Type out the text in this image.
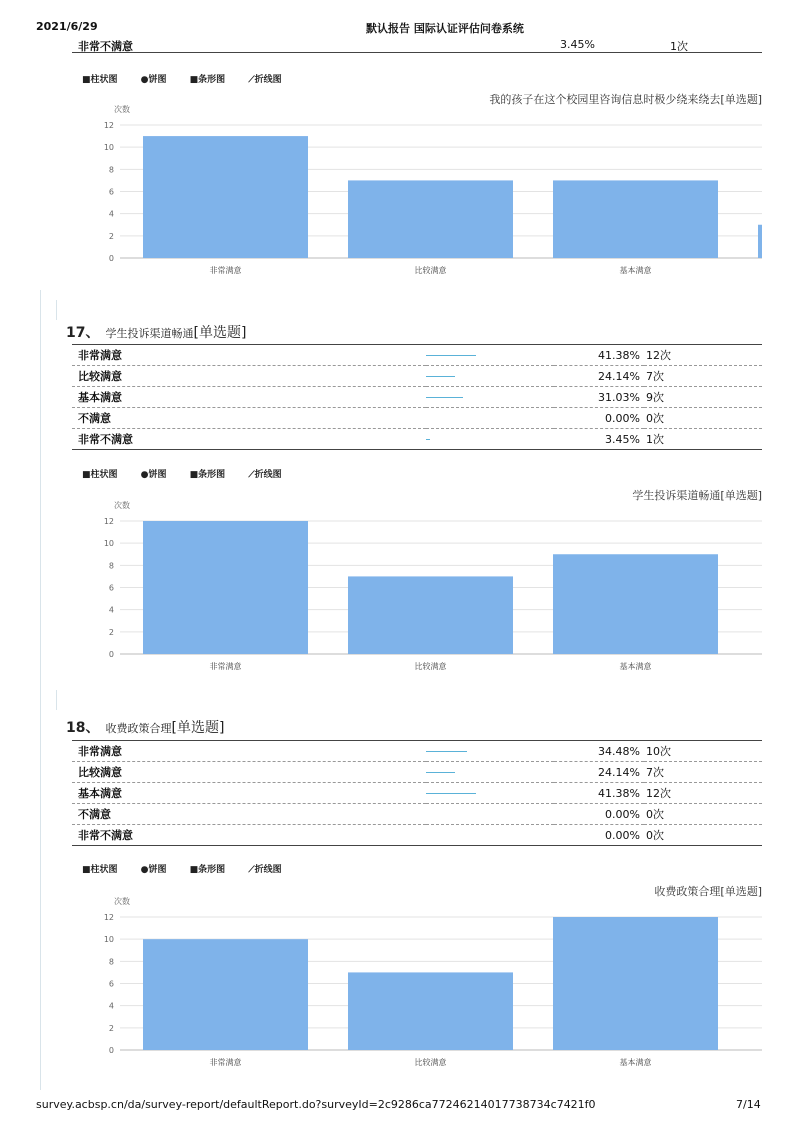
2021/6/29	默认报告 国际认证评估问卷系统
非常不满意	3.45%	1次
■柱状图	●饼图	■条形图	⟋折线图
我的孩子在这个校园里咨询信息时极少绕来绕去[单选题]
次数
0
2
4
6
8
10
12
非常满意	比较满意	基本满意
17、 学生投诉渠道畅通[单选题]
非常满意		41.38%	12次
比较满意		24.14%	7次
基本满意		31.03%	9次
不满意		0.00%	0次
非常不满意		3.45%	1次
■柱状图	●饼图	■条形图	⟋折线图
学生投诉渠道畅通[单选题]
次数
0
2
4
6
8
10
12
非常满意	比较满意	基本满意
18、 收费政策合理[单选题]
非常满意		34.48%	10次
比较满意		24.14%	7次
基本满意		41.38%	12次
不满意		0.00%	0次
非常不满意		0.00%	0次
■柱状图	●饼图	■条形图	⟋折线图
收费政策合理[单选题]
次数
0
2
4
6
8
10
12
非常满意	比较满意	基本满意
survey.acbsp.cn/da/survey-report/defaultReport.do?surveyId=2c9286ca7724621401773873​4c7421f0	7/14
